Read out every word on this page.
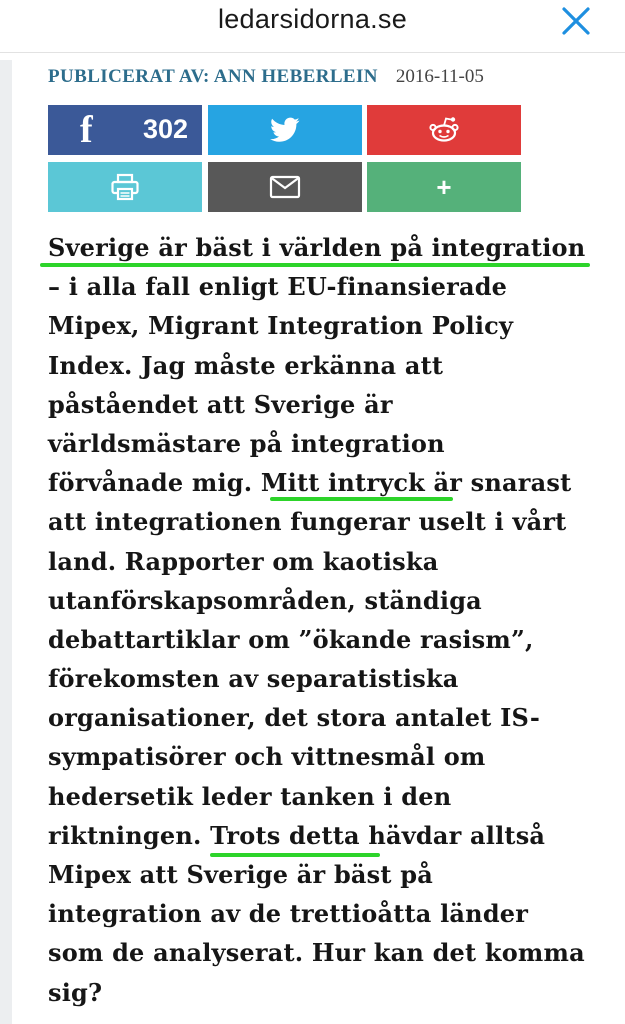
ledarsidorna.se
PUBLICERAT AV: ANN HEBERLEIN 2016-11-05
f 302
+
Sverige är bäst i världen på integration
– i alla fall enligt EU-finansierade
Mipex, Migrant Integration Policy
Index. Jag måste erkänna att
påståendet att Sverige är
världsmästare på integration
förvånade mig. Mitt intryck är snarast
att integrationen fungerar uselt i vårt
land. Rapporter om kaotiska
utanförskapsområden, ständiga
debattartiklar om ”ökande rasism”,
förekomsten av separatistiska
organisationer, det stora antalet IS-
sympatisörer och vittnesmål om
hedersetik leder tanken i den
riktningen. Trots detta hävdar alltså
Mipex att Sverige är bäst på
integration av de trettioåtta länder
som de analyserat. Hur kan det komma
sig?
